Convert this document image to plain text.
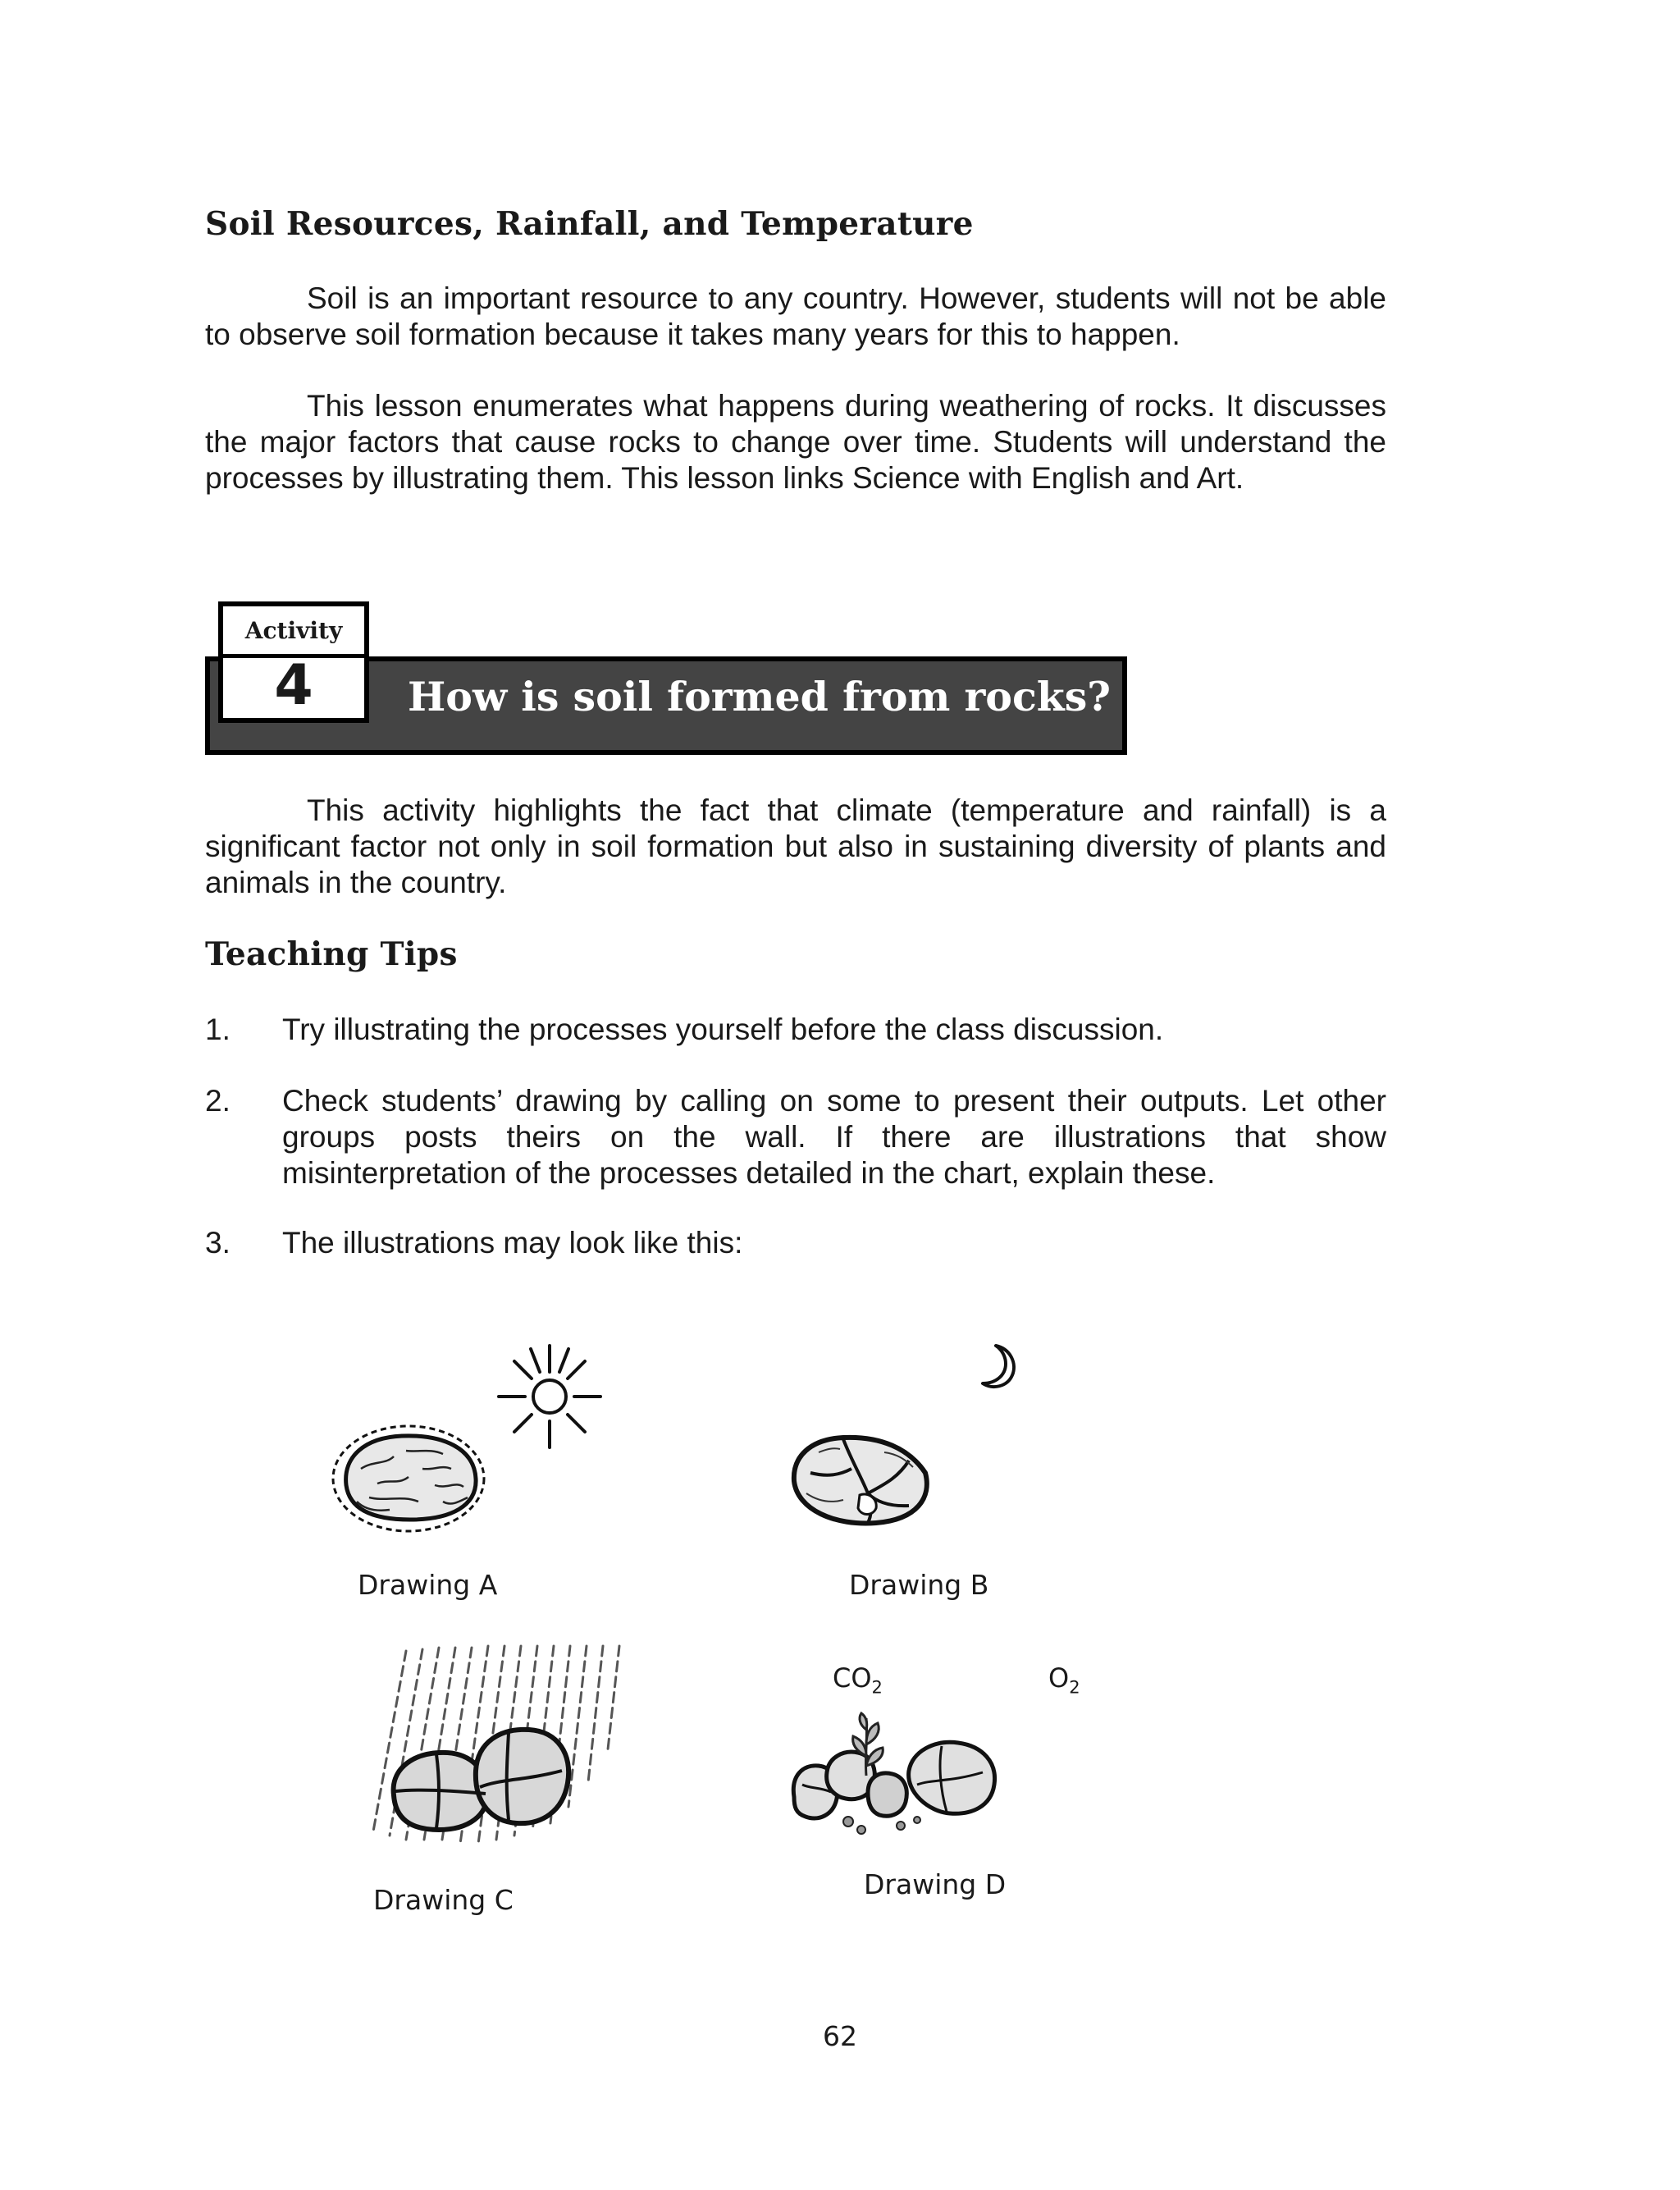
Soil Resources, Rainfall, and Temperature

Soil is an important resource to any country. However, students will not be able to observe soil formation because it takes many years for this to happen.

This lesson enumerates what happens during weathering of rocks. It discusses the major factors that cause rocks to change over time. Students will understand the processes by illustrating them. This lesson links Science with English and Art.

How is soil formed from rocks?
Activity
4

This activity highlights the fact that climate (temperature and rainfall) is a significant factor not only in soil formation but also in sustaining diversity of plants and animals in the country.

Teaching Tips
1. Try illustrating the processes yourself before the class discussion.
2. Check students’ drawing by calling on some to present their outputs. Let other groups posts theirs on the wall. If there are illustrations that show misinterpretation of the processes detailed in the chart, explain these.
3. The illustrations may look like this:
Drawing A	Drawing B
Drawing C
$CO_2$	$O_2$
Drawing D
62
